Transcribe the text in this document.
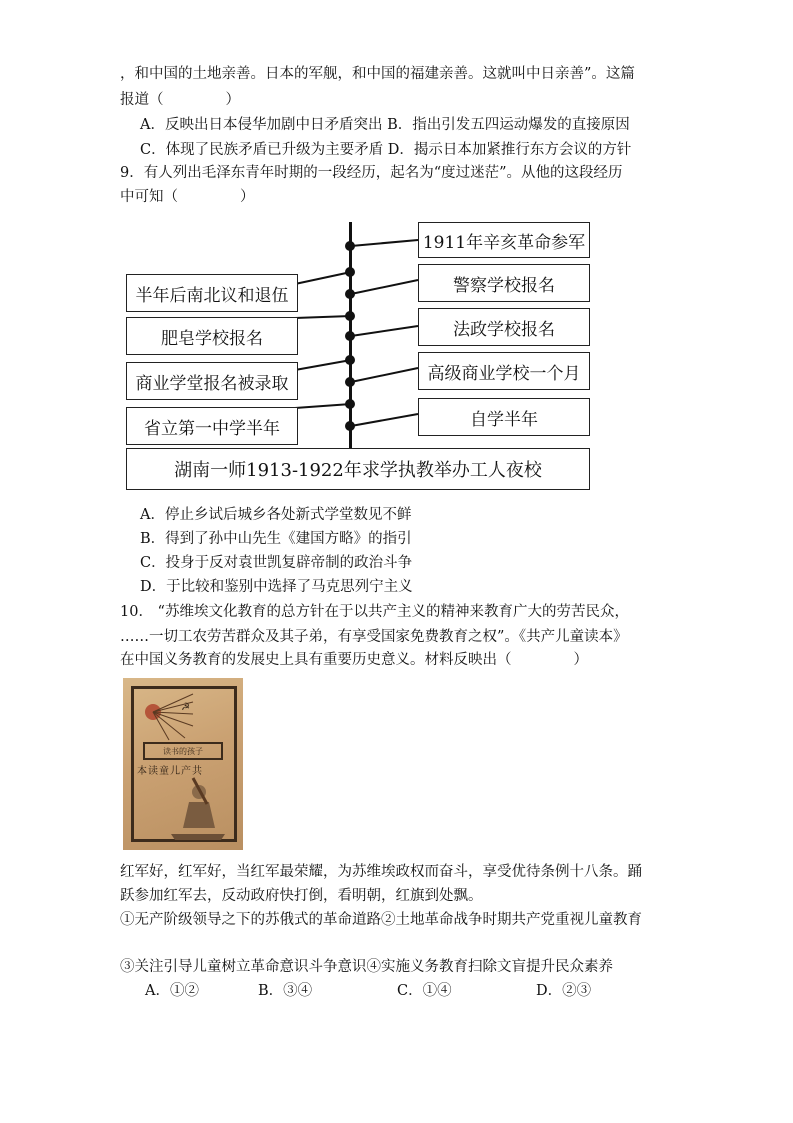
，和中国的土地亲善。日本的军舰，和中国的福建亲善。这就叫中日亲善”。这篇
报道（	）
A．反映出日本侵华加剧中日矛盾突出 B．指出引发五四运动爆发的直接原因
C．体现了民族矛盾已升级为主要矛盾 D．揭示日本加紧推行东方会议的方针
9．有人列出毛泽东青年时期的一段经历，起名为“度过迷茫”。从他的这段经历
中可知（	）
1911年辛亥革命参军
警察学校报名
法政学校报名
高级商业学校一个月
自学半年
半年后南北议和退伍
肥皂学校报名
商业学堂报名被录取
省立第一中学半年
湖南一师1913-1922年求学执教举办工人夜校
A．停止乡试后城乡各处新式学堂数见不鲜
B．得到了孙中山先生《建国方略》的指引
C．投身于反对袁世凯复辟帝制的政治斗争
D．于比较和鉴别中选择了马克思列宁主义
10． “苏维埃文化教育的总方针在于以共产主义的精神来教育广大的劳苦民众，
……一切工农劳苦群众及其子弟，有享受国家免费教育之权”。《共产儿童读本》
在中国义务教育的发展史上具有重要历史意义。材料反映出（	）
☭
读书的孩子
本读童儿产共
红军好，红军好，当红军最荣耀，为苏维埃政权而奋斗，享受优待条例十八条。踊
跃参加红军去，反动政府快打倒，看明朝，红旗到处飘。
①无产阶级领导之下的苏俄式的革命道路②土地革命战争时期共产党重视儿童教育
③关注引导儿童树立革命意识斗争意识④实施义务教育扫除文盲提升民众素养
A．①②	B．③④	C．①④	D．②③
